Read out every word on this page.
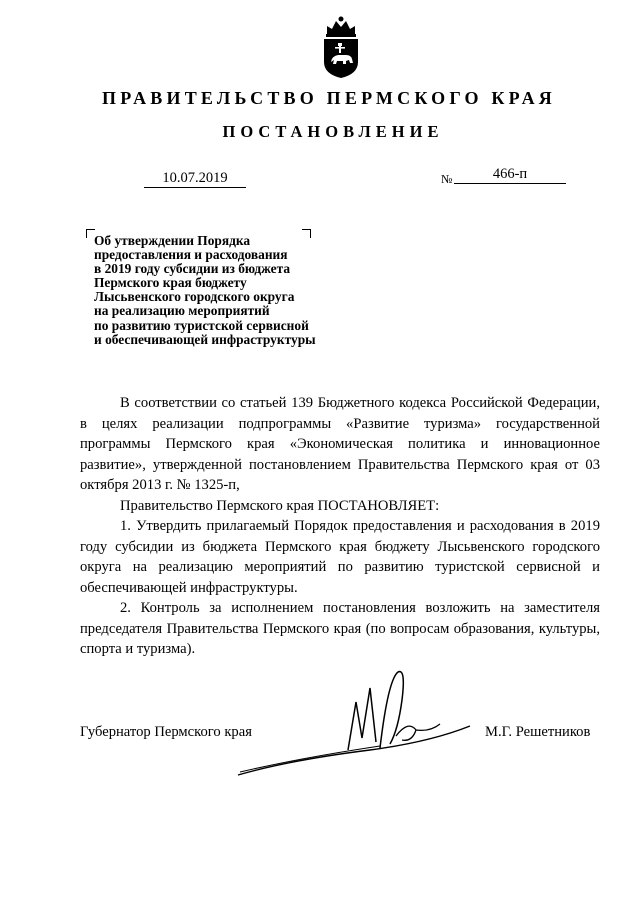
ПРАВИТЕЛЬСТВО ПЕРМСКОГО КРАЯ
ПОСТАНОВЛЕНИЕ
10.07.2019	№	466-п
Об утверждении Порядка
предоставления и расходования
в 2019 году субсидии из бюджета
Пермского края бюджету
Лысьвенского городского округа
на реализацию мероприятий
по развитию туристской сервисной
и обеспечивающей инфраструктуры
В соответствии со статьей 139 Бюджетного кодекса Российской Федерации, в целях реализации подпрограммы «Развитие туризма» государственной программы Пермского края «Экономическая политика и инновационное развитие», утвержденной постановлением Правительства Пермского края от 03 октября 2013 г. № 1325-п,
Правительство Пермского края ПОСТАНОВЛЯЕТ:
1. Утвердить прилагаемый Порядок предоставления и расходования в 2019 году субсидии из бюджета Пермского края бюджету Лысьвенского городского округа на реализацию мероприятий по развитию туристской сервисной и обеспечивающей инфраструктуры.
2. Контроль за исполнением постановления возложить на заместителя председателя Правительства Пермского края (по вопросам образования, культуры, спорта и туризма).
Губернатор Пермского края	М.Г. Решетников
